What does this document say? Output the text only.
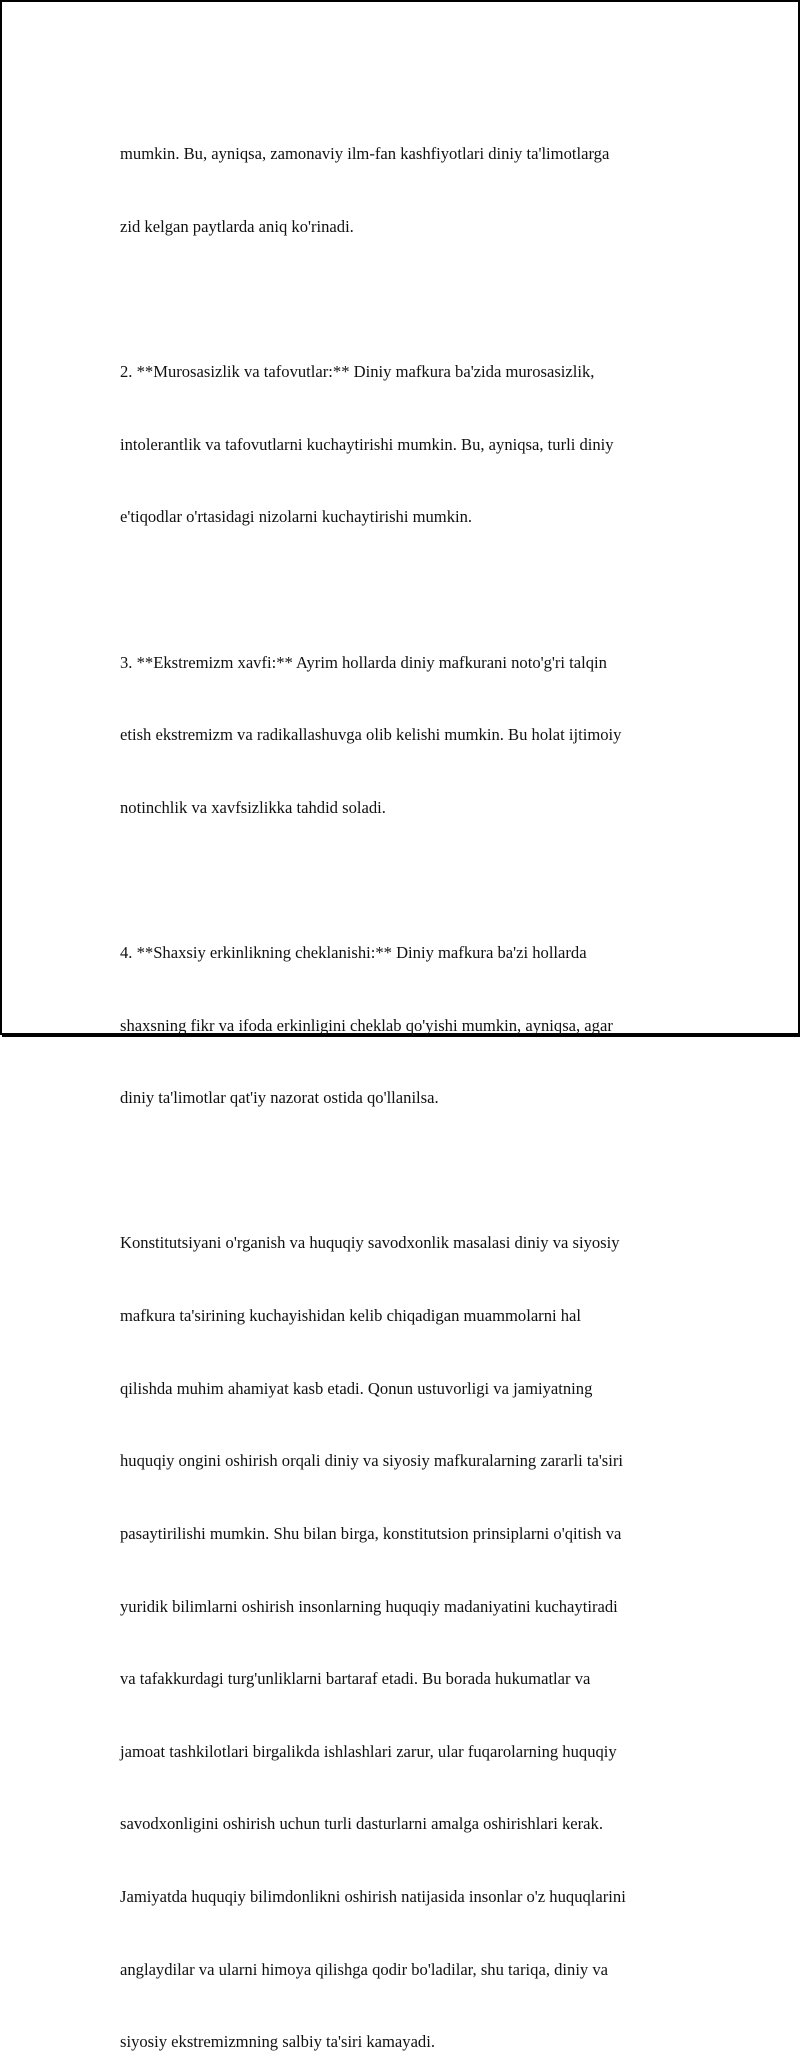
mumkin. Bu, ayniqsa, zamonaviy ilm-fan kashfiyotlari diniy ta'limotlarga

zid kelgan paytlarda aniq ko'rinadi.

2. **Murosasizlik va tafovutlar:** Diniy mafkura ba'zida murosasizlik,

intolerantlik va tafovutlarni kuchaytirishi mumkin. Bu, ayniqsa, turli diniy

e'tiqodlar o'rtasidagi nizolarni kuchaytirishi mumkin.

3. **Ekstremizm xavfi:** Ayrim hollarda diniy mafkurani noto'g'ri talqin

etish ekstremizm va radikallashuvga olib kelishi mumkin. Bu holat ijtimoiy

notinchlik va xavfsizlikka tahdid soladi.

4. **Shaxsiy erkinlikning cheklanishi:** Diniy mafkura ba'zi hollarda

shaxsning fikr va ifoda erkinligini cheklab qo'yishi mumkin, ayniqsa, agar

diniy ta'limotlar qat'iy nazorat ostida qo'llanilsa.

Konstitutsiyani o'rganish va huquqiy savodxonlik masalasi diniy va siyosiy

mafkura ta'sirining kuchayishidan kelib chiqadigan muammolarni hal

qilishda muhim ahamiyat kasb etadi. Qonun ustuvorligi va jamiyatning

huquqiy ongini oshirish orqali diniy va siyosiy mafkuralarning zararli ta'siri

pasaytirilishi mumkin. Shu bilan birga, konstitutsion prinsiplarni o'qitish va

yuridik bilimlarni oshirish insonlarning huquqiy madaniyatini kuchaytiradi

va tafakkurdagi turg'unliklarni bartaraf etadi. Bu borada hukumatlar va

jamoat tashkilotlari birgalikda ishlashlari zarur, ular fuqarolarning huquqiy

savodxonligini oshirish uchun turli dasturlarni amalga oshirishlari kerak.

Jamiyatda huquqiy bilimdonlikni oshirish natijasida insonlar o'z huquqlarini

anglaydilar va ularni himoya qilishga qodir bo'ladilar, shu tariqa, diniy va

siyosiy ekstremizmning salbiy ta'siri kamayadi.
